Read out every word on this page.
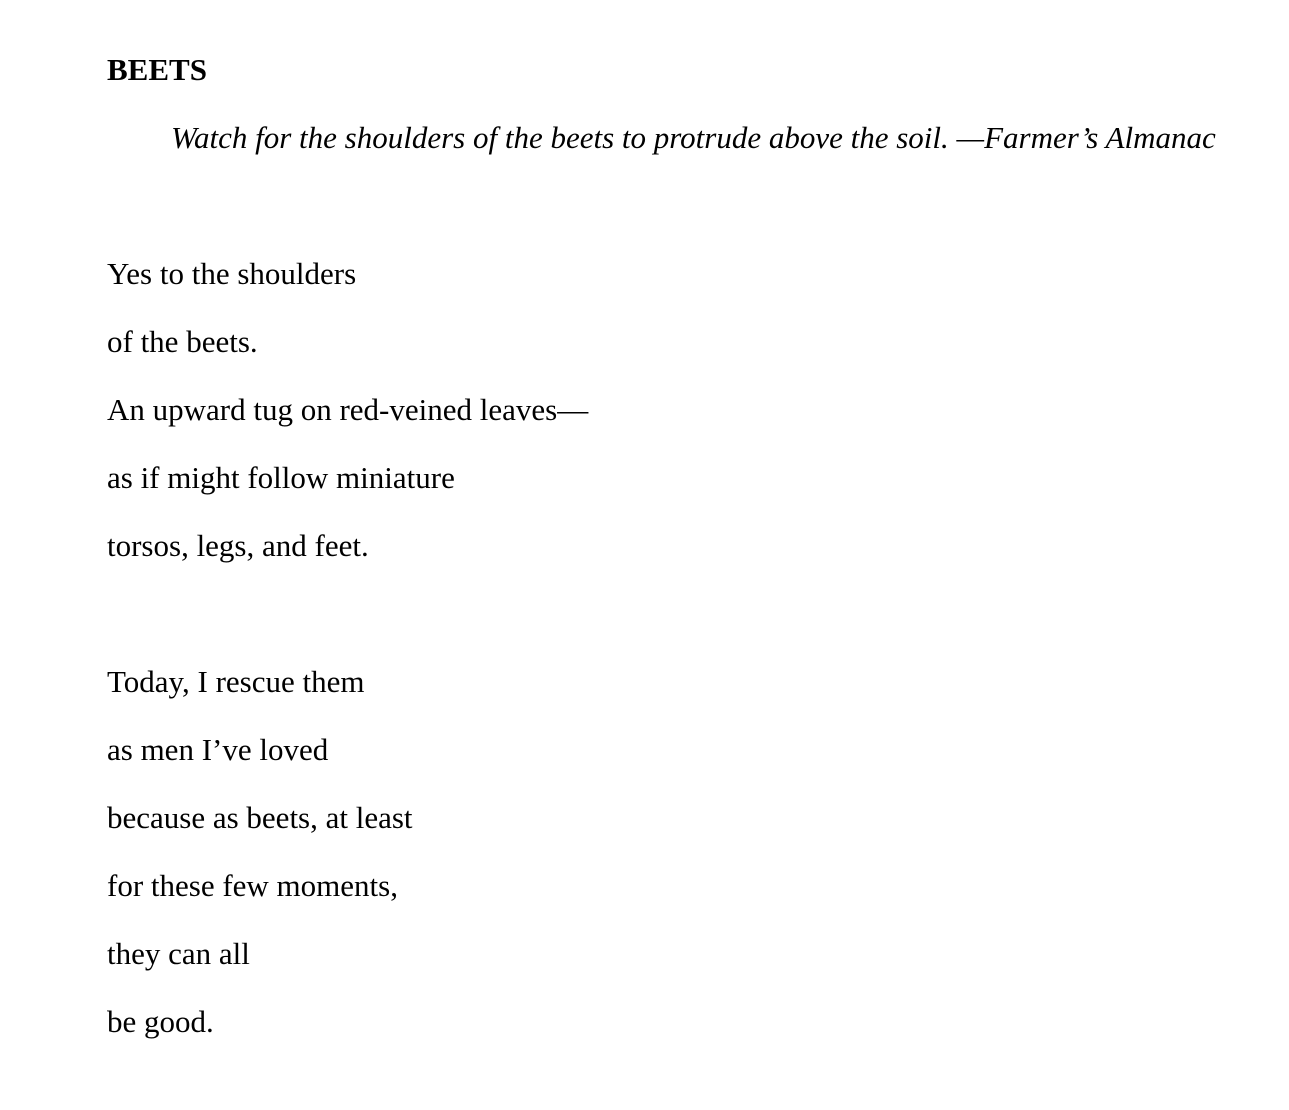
BEETS

Watch for the shoulders of the beets to protrude above the soil. —Farmer’s Almanac

Yes to the shoulders

of the beets.

An upward tug on red-veined leaves—

as if might follow miniature

torsos, legs, and feet.

Today, I rescue them

as men I’ve loved

because as beets, at least

for these few moments,

they can all

be good.
